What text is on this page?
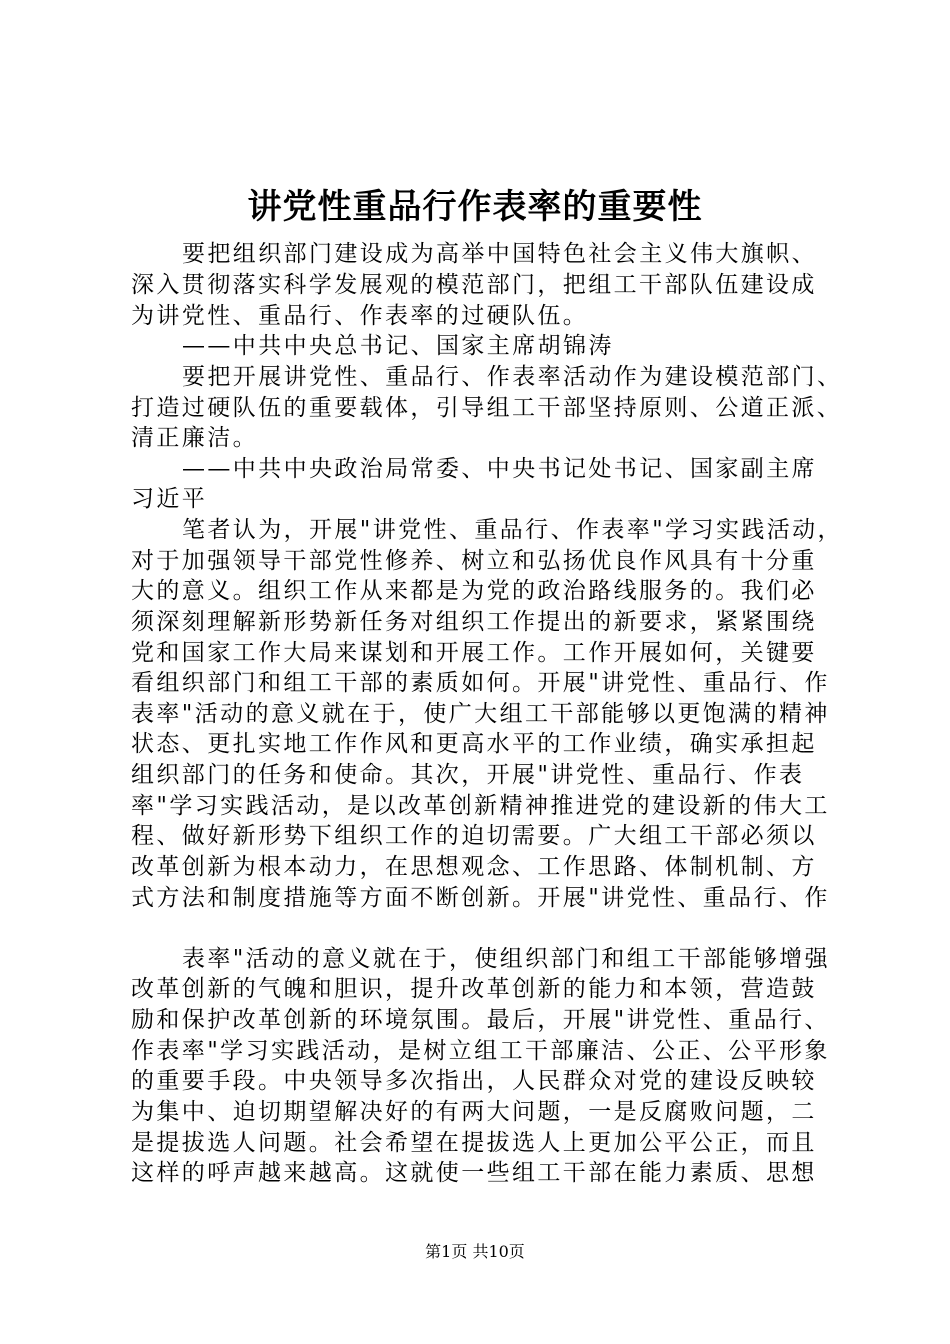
讲党性重品行作表率的重要性
要把组织部门建设成为高举中国特色社会主义伟大旗帜、
深入贯彻落实科学发展观的模范部门，把组工干部队伍建设成
为讲党性、重品行、作表率的过硬队伍。
——中共中央总书记、国家主席胡锦涛
要把开展讲党性、重品行、作表率活动作为建设模范部门、
打造过硬队伍的重要载体，引导组工干部坚持原则、公道正派、
清正廉洁。
——中共中央政治局常委、中央书记处书记、国家副主席
习近平
笔者认为，开展"讲党性、重品行、作表率"学习实践活动，
对于加强领导干部党性修养、树立和弘扬优良作风具有十分重
大的意义。组织工作从来都是为党的政治路线服务的。我们必
须深刻理解新形势新任务对组织工作提出的新要求，紧紧围绕
党和国家工作大局来谋划和开展工作。工作开展如何，关键要
看组织部门和组工干部的素质如何。开展"讲党性、重品行、作
表率"活动的意义就在于，使广大组工干部能够以更饱满的精神
状态、更扎实地工作作风和更高水平的工作业绩，确实承担起
组织部门的任务和使命。其次，开展"讲党性、重品行、作表
率"学习实践活动，是以改革创新精神推进党的建设新的伟大工
程、做好新形势下组织工作的迫切需要。广大组工干部必须以
改革创新为根本动力，在思想观念、工作思路、体制机制、方
式方法和制度措施等方面不断创新。开展"讲党性、重品行、作
表率"活动的意义就在于，使组织部门和组工干部能够增强
改革创新的气魄和胆识，提升改革创新的能力和本领，营造鼓
励和保护改革创新的环境氛围。最后，开展"讲党性、重品行、
作表率"学习实践活动，是树立组工干部廉洁、公正、公平形象
的重要手段。中央领导多次指出，人民群众对党的建设反映较
为集中、迫切期望解决好的有两大问题，一是反腐败问题，二
是提拔选人问题。社会希望在提拔选人上更加公平公正，而且
这样的呼声越来越高。这就使一些组工干部在能力素质、思想
第1页 共10页
